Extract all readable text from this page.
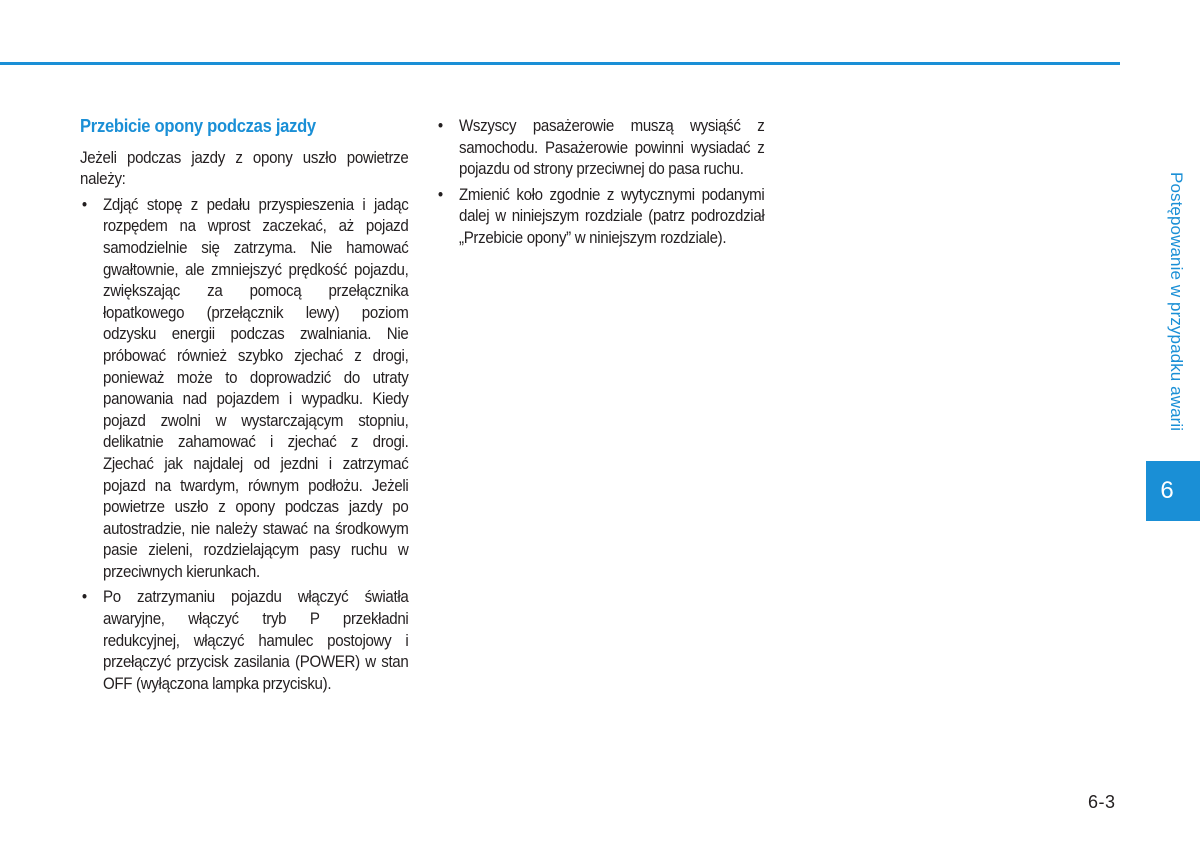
Przebicie opony podczas jazdy

Jeżeli podczas jazdy z opony uszło powietrze należy:

• Zdjąć stopę z pedału przyspieszenia i jadąc rozpędem na wprost zaczekać, aż pojazd samodzielnie się zatrzyma. Nie hamować gwałtownie, ale zmniejszyć prędkość pojazdu, zwiększając za pomocą przełącznika łopatkowego (przełącznik lewy) poziom odzysku energii podczas zwalniania. Nie próbować również szybko zjechać z drogi, ponieważ może to doprowadzić do utraty panowania nad pojazdem i wypadku. Kiedy pojazd zwolni w wystarczającym stopniu, delikatnie zahamować i zjechać z drogi. Zjechać jak najdalej od jezdni i zatrzymać pojazd na twardym, równym podłożu. Jeżeli powietrze uszło z opony podczas jazdy po autostradzie, nie należy stawać na środkowym pasie zieleni, rozdzielającym pasy ruchu w przeciwnych kierunkach.
• Po zatrzymaniu pojazdu włączyć światła awaryjne, włączyć tryb P przekładni redukcyjnej, włączyć hamulec postojowy i przełączyć przycisk zasilania (POWER) w stan OFF (wyłączona lampka przycisku).
• Wszyscy pasażerowie muszą wysiąść z samochodu. Pasażerowie powinni wysiadać z pojazdu od strony przeciwnej do pasa ruchu.
• Zmienić koło zgodnie z wytycznymi podanymi dalej w niniejszym rozdziale (patrz podrozdział „Przebicie opony” w niniejszym rozdziale).	Postępowanie w przypadku awarii
6
6-3
